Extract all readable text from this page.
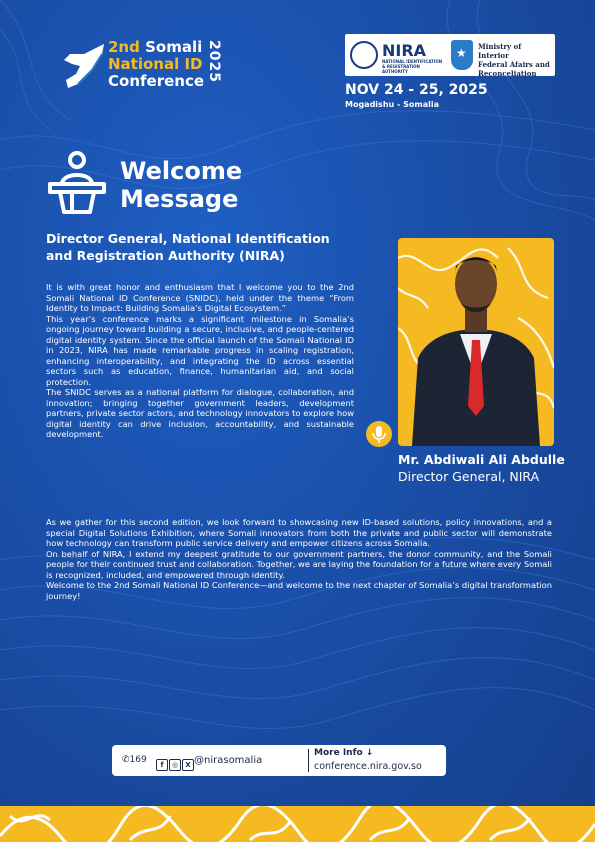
2nd Somali
National ID
Conference 2025	NIRA
NATIONAL IDENTIFICATION & REGISTRATION AUTHORITY
★
Ministry of Interior
Federal Afairs and
Reconceliation
NOV 24 - 25, 2025
Mogadishu - Somalia
Welcome
Message
Director General, National Identification
and Registration Authority (NIRA)

It is with great honor and enthusiasm that I welcome you to the 2nd Somali National ID Conference (SNIDC), held under the theme “From Identity to Impact: Building Somalia’s Digital Ecosystem.”

This year’s conference marks a significant milestone in Somalia’s ongoing journey toward building a secure, inclusive, and people-centered digital identity system. Since the official launch of the Somali National ID in 2023, NIRA has made remarkable progress in scaling registration, enhancing interoperability, and integrating the ID across essential sectors such as education, finance, humanitarian aid, and social protection.

The SNIDC serves as a national platform for dialogue, collaboration, and innovation; bringing together government leaders, development partners, private sector actors, and technology innovators to explore how digital identity can drive inclusion, accountability, and sustainable development.

Mr. Abdiwali Ali Abdulle
Director General, NIRA

As we gather for this second edition, we look forward to showcasing new ID-based solutions, policy innovations, and a special Digital Solutions Exhibition, where Somali innovators from both the private and public sector will demonstrate how technology can transform public service delivery and empower citizens across Somalia.

On behalf of NIRA, I extend my deepest gratitude to our government partners, the donor community, and the Somali people for their continued trust and collaboration. Together, we are laying the foundation for a future where every Somali is recognized, included, and empowered through identity.

Welcome to the 2nd Somali National ID Conference—and welcome to the next chapter of Somalia’s digital transformation journey!

✆169	f ◎ X @nirasomalia
More Info ↓
conference.nira.gov.so
